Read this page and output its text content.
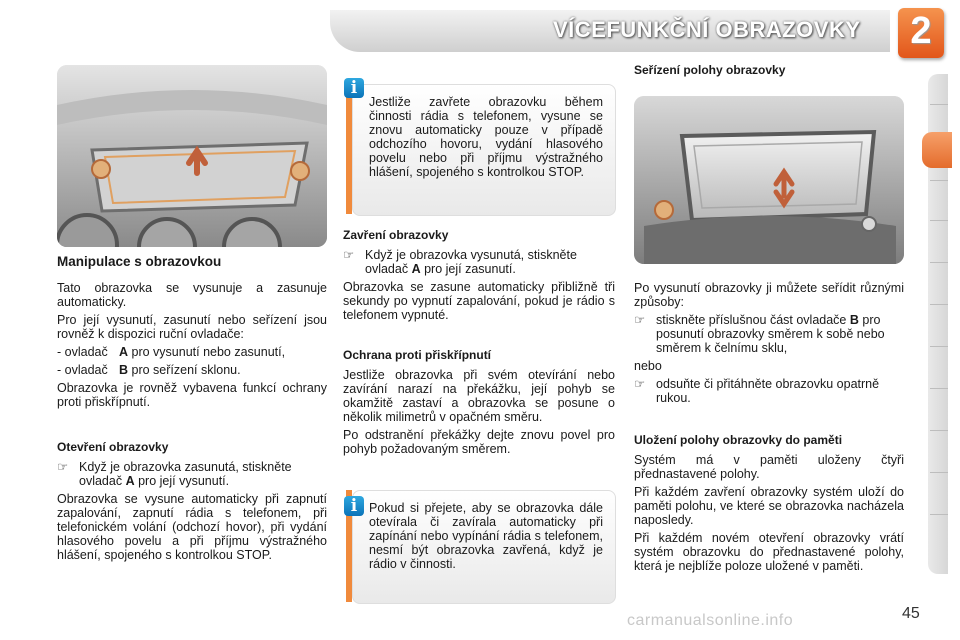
VÍCEFUNKČNÍ OBRAZOVKY	2
Manipulace s obrazovkou

Tato obrazovka se vysunuje a zasunuje automaticky.

Pro její vysunutí, zasunutí nebo seřízení jsou rovněž k dispozici ruční ovladače:

- ovladač A pro vysunutí nebo zasunutí,

- ovladač B pro seřízení sklonu.

Obrazovka je rovněž vybavena funkcí ochrany proti přiskřípnutí.

Otevření obrazovky
☞ Když je obrazovka zasunutá, stiskněte ovladač A pro její vysunutí.

Obrazovka se vysune automaticky při zapnutí zapalování, zapnutí rádia s telefonem, při telefonickém volání (odchozí hovor), při vydání hlasového povelu a při příjmu výstražného hlášení, spojeného s kontrolkou STOP.

Jestliže zavřete obrazovku během činnosti rádia s telefonem, vysune se znovu automaticky pouze v případě odchozího hovoru, vydání hlasového povelu nebo při příjmu výstražného hlášení, spojeného s kontrolkou STOP.
i
Zavření obrazovky
☞ Když je obrazovka vysunutá, stiskněte ovladač A pro její zasunutí.

Obrazovka se zasune automaticky přibližně tři sekundy po vypnutí zapalování, pokud je rádio s telefonem vypnuté.

Ochrana proti přiskřípnutí

Jestliže obrazovka při svém otevírání nebo zavírání narazí na překážku, její pohyb se okamžitě zastaví a obrazovka se posune o několik milimetrů v opačném směru.

Po odstranění překážky dejte znovu povel pro pohyb požadovaným směrem.

Pokud si přejete, aby se obrazovka dále otevírala či zavírala automaticky při zapínání nebo vypínání rádia s telefonem, nesmí být obrazovka zavřená, když je rádio v činnosti.
i
Seřízení polohy obrazovky

Po vysunutí obrazovky ji můžete seřídit různými způsoby:

☞ stiskněte příslušnou část ovladače B pro posunutí obrazovky směrem k sobě nebo směrem k čelnímu sklu,

nebo

☞ odsuňte či přitáhněte obrazovku opatrně rukou.
Uložení polohy obrazovky do paměti

Systém má v paměti uloženy čtyři přednastavené polohy.

Při každém zavření obrazovky systém uloží do paměti polohu, ve které se obrazovka nacházela naposledy.

Při každém novém otevření obrazovky vrátí systém obrazovku do přednastavené polohy, která je nejblíže poloze uložené v paměti.

carmanualsonline.info	45
